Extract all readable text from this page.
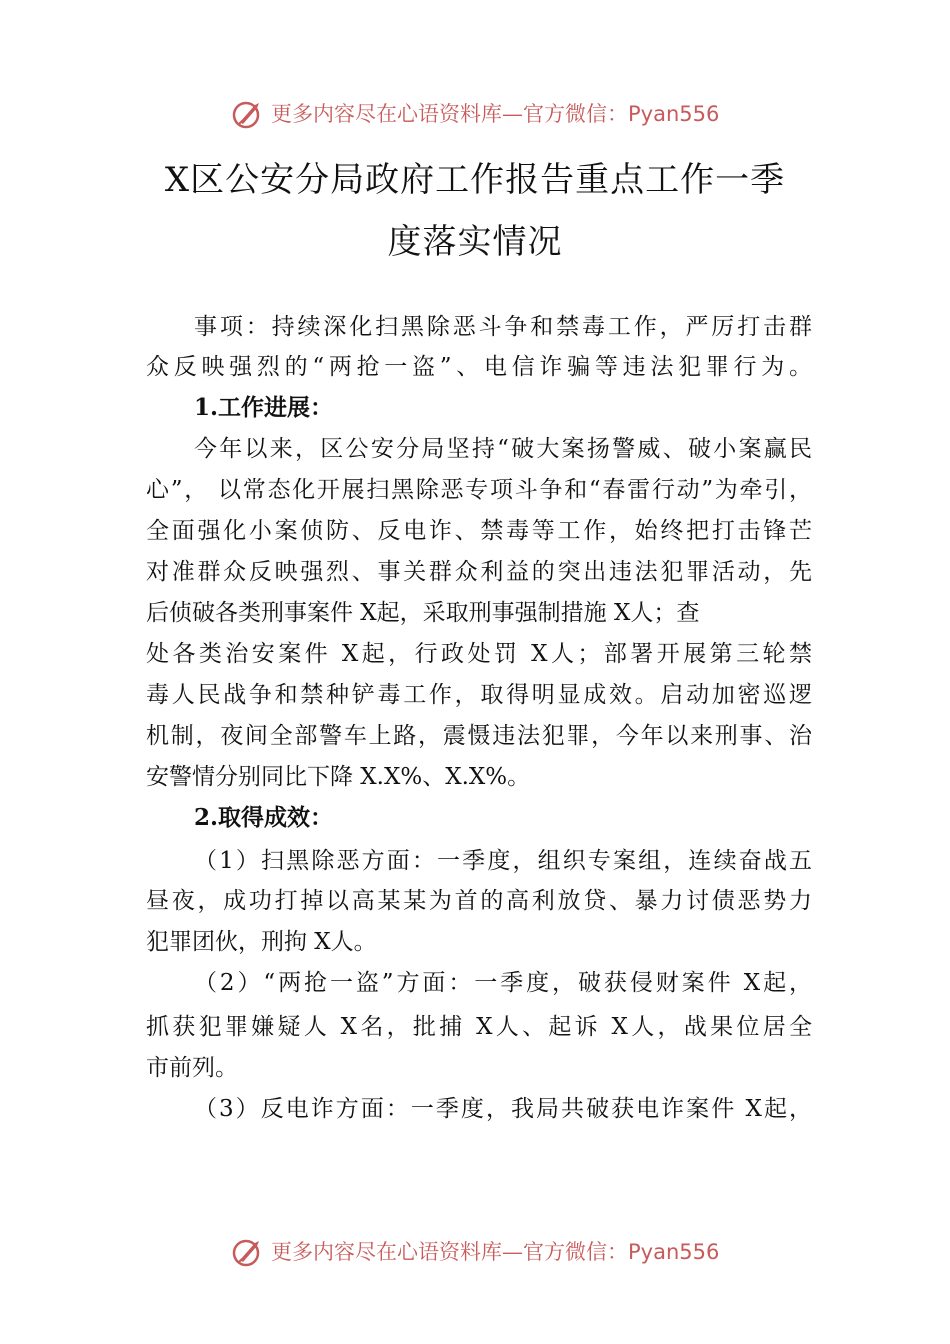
更多内容尽在心语资料库—官方微信：Pyan556
X区公安分局政府工作报告重点工作一季
度落实情况
事项：持续深化扫黑除恶斗争和禁毒工作，严厉打击群
众反映强烈的“两抢一盗”、电信诈骗等违法犯罪行为。
1.工作进展：
今年以来，区公安分局坚持“破大案扬警威、破小案赢民
心”， 以常态化开展扫黑除恶专项斗争和“春雷行动”为牵引，
全面强化小案侦防、反电诈、禁毒等工作，始终把打击锋芒
对准群众反映强烈、事关群众利益的突出违法犯罪活动，先
后侦破各类刑事案件 X起，采取刑事强制措施 X人；查
处各类治安案件 X起，行政处罚 X人；部署开展第三轮禁
毒人民战争和禁种铲毒工作，取得明显成效。启动加密巡逻
机制，夜间全部警车上路，震慑违法犯罪，今年以来刑事、治
安警情分别同比下降 X.X%、X.X%。
2.取得成效：
（1）扫黑除恶方面：一季度，组织专案组，连续奋战五
昼夜，成功打掉以高某某为首的高利放贷、暴力讨债恶势力
犯罪团伙，刑拘 X人。
（2）“两抢一盗”方面：一季度，破获侵财案件 X起，
抓获犯罪嫌疑人 X名，批捕 X人、起诉 X人，战果位居全
市前列。
（3）反电诈方面：一季度，我局共破获电诈案件 X起，
更多内容尽在心语资料库—官方微信：Pyan556
